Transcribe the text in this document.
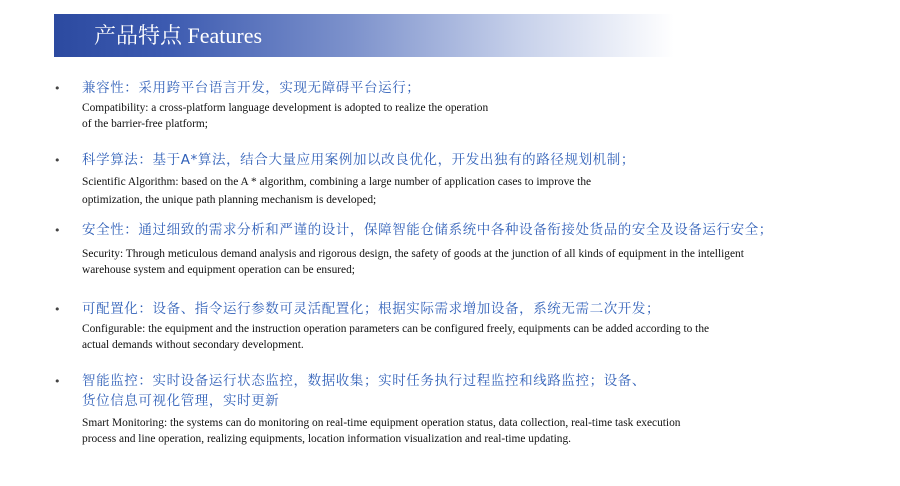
产品特点 Features
• 兼容性：采用跨平台语言开发，实现无障碍平台运行；
Compatibility: a cross-platform language development is adopted to realize the operation
of the barrier-free platform;
• 科学算法：基于A*算法，结合大量应用案例加以改良优化，开发出独有的路径规划机制；
Scientific Algorithm: based on the A * algorithm, combining a large number of application cases to improve the
optimization, the unique path planning mechanism is developed;
• 安全性：通过细致的需求分析和严谨的设计，保障智能仓储系统中各种设备衔接处货品的安全及设备运行安全；
Security: Through meticulous demand analysis and rigorous design, the safety of goods at the junction of all kinds of equipment in the intelligent
warehouse system and equipment operation can be ensured;
• 可配置化：设备、指令运行参数可灵活配置化；根据实际需求增加设备，系统无需二次开发；
Configurable: the equipment and the instruction operation parameters can be configured freely, equipments can be added according to the
actual demands without secondary development.
• 智能监控：实时设备运行状态监控，数据收集；实时任务执行过程监控和线路监控；设备、
货位信息可视化管理，实时更新
Smart Monitoring: the systems can do monitoring on real-time equipment operation status, data collection, real-time task execution
process and line operation, realizing equipments, location information visualization and real-time updating.
